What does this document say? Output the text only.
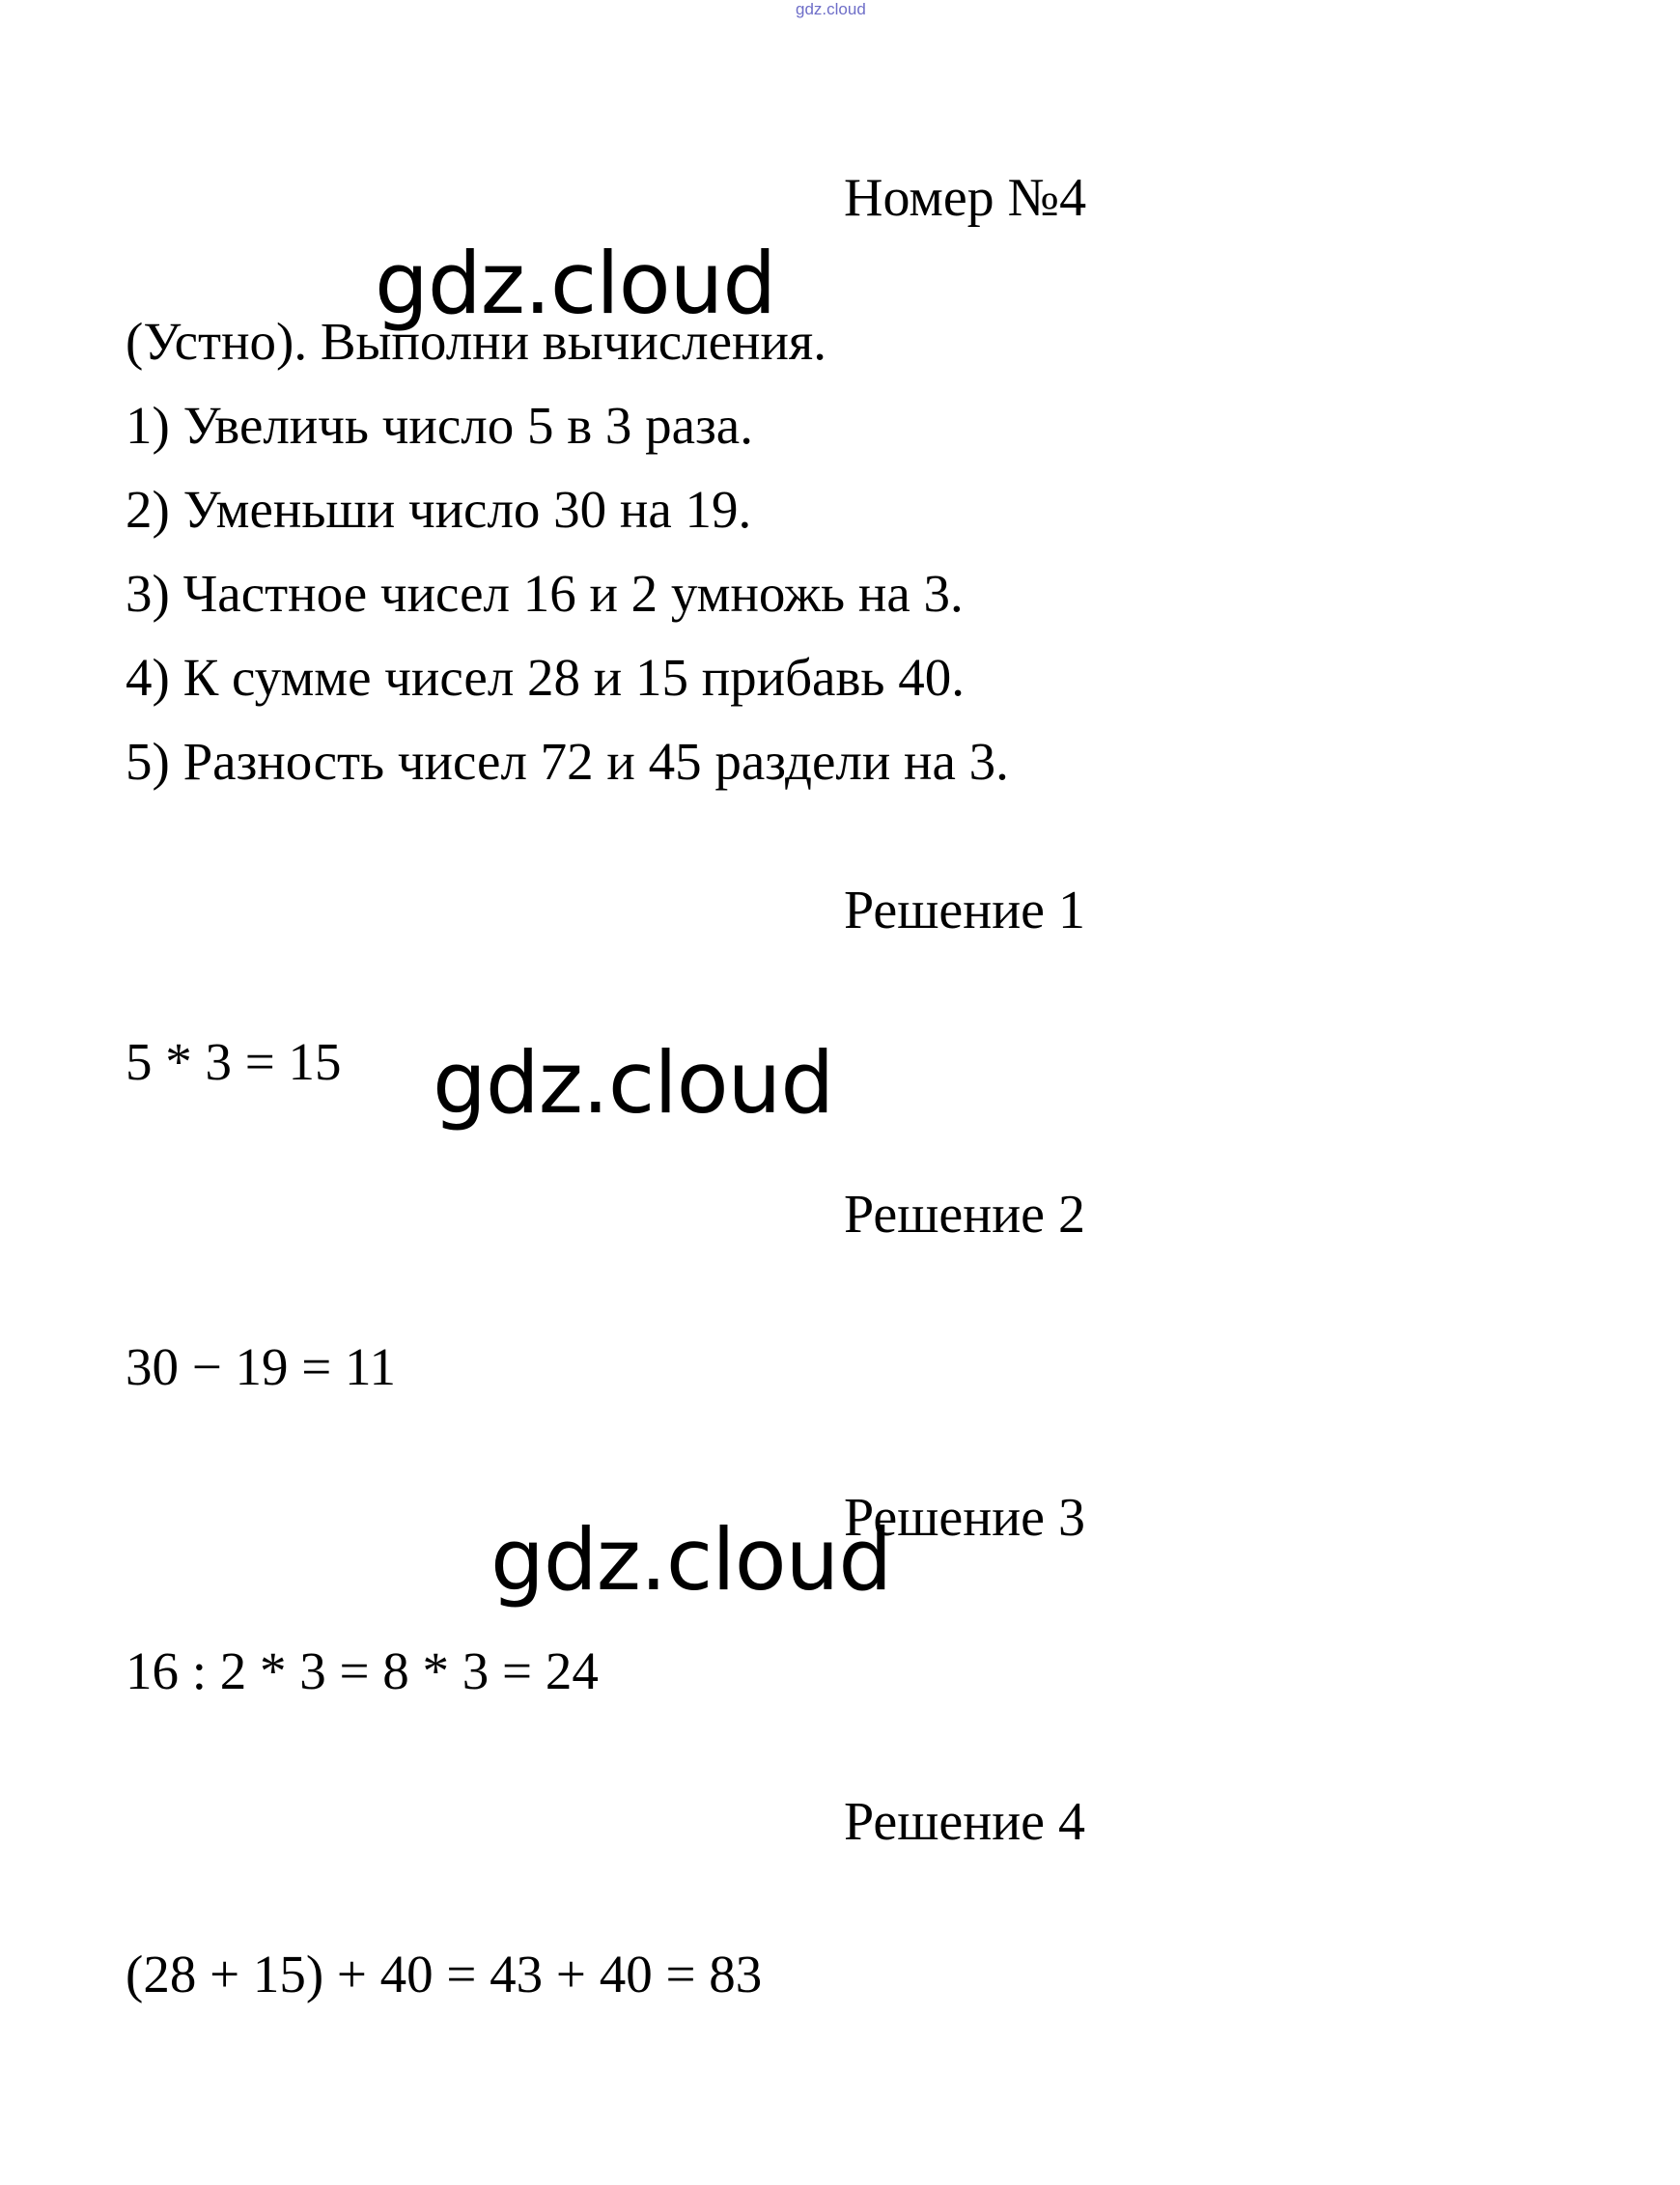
gdz.cloud
Номер №4
gdz.cloud
(Устно). Выполни вычисления.
1) Увеличь число 5 в 3 раза.
2) Уменьши число 30 на 19.
3) Частное чисел 16 и 2 умножь на 3.
4) К сумме чисел 28 и 15 прибавь 40.
5) Разность чисел 72 и 45 раздели на 3.
Решение 1
5 * 3 = 15 gdz.cloud
Решение 2
30 − 19 = 11
gdz.cloud
Решение 3
16 : 2 * 3 = 8 * 3 = 24
Решение 4
(28 + 15) + 40 = 43 + 40 = 83
